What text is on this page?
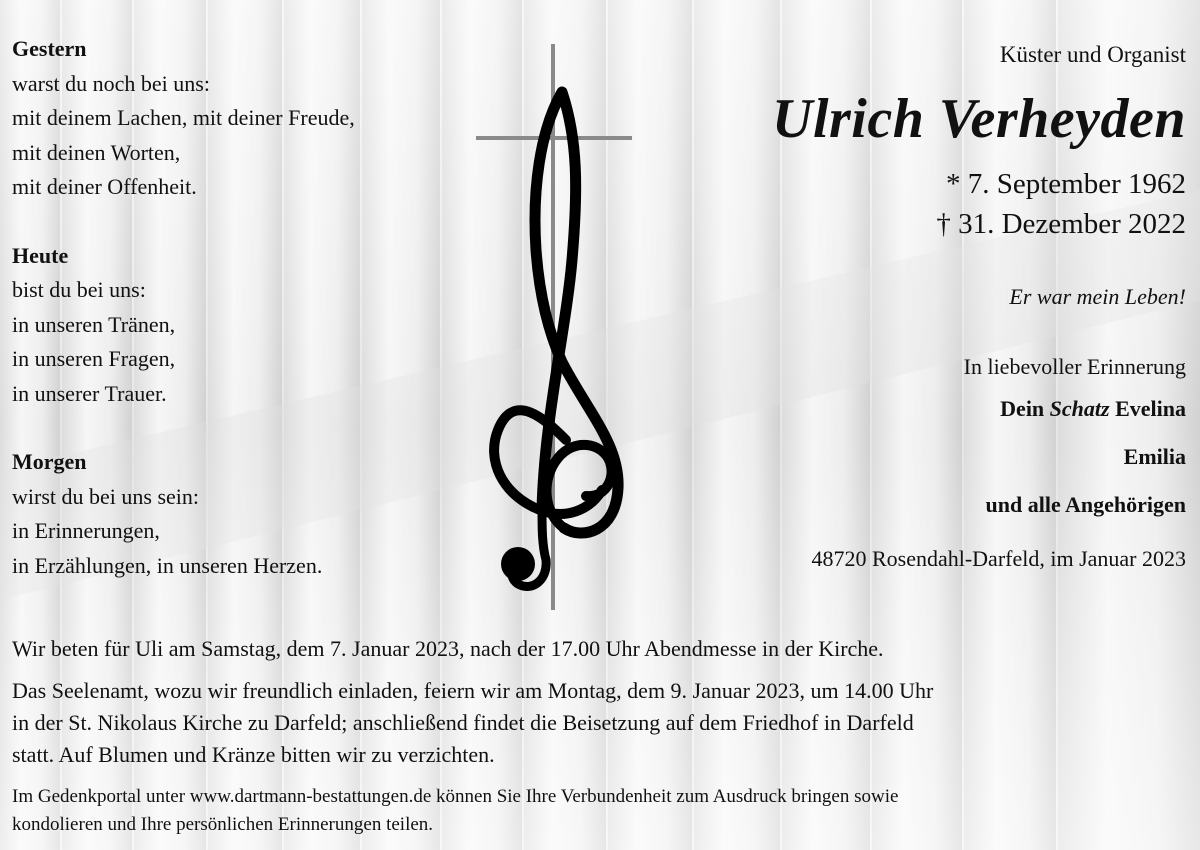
Gestern
warst du noch bei uns:
mit deinem Lachen, mit deiner Freude,
mit deinen Worten,
mit deiner Offenheit.
Heute
bist du bei uns:
in unseren Tränen,
in unseren Fragen,
in unserer Trauer.
Morgen
wirst du bei uns sein:
in Erinnerungen,
in Erzählungen, in unseren Herzen.
Küster und Organist
Ulrich Verheyden
* 7. September 1962
† 31. Dezember 2022
Er war mein Leben!
In liebevoller Erinnerung
Dein Schatz Evelina
Emilia
und alle Angehörigen
48720 Rosendahl-Darfeld, im Januar 2023

Wir beten für Uli am Samstag, dem 7. Januar 2023, nach der 17.00 Uhr Abendmesse in der Kirche.

Das Seelenamt, wozu wir freundlich einladen, feiern wir am Montag, dem 9. Januar 2023, um 14.00 Uhr
in der St. Nikolaus Kirche zu Darfeld; anschließend findet die Beisetzung auf dem Friedhof in Darfeld
statt. Auf Blumen und Kränze bitten wir zu verzichten.

Im Gedenkportal unter www.dartmann-bestattungen.de können Sie Ihre Verbundenheit zum Ausdruck bringen sowie
kondolieren und Ihre persönlichen Erinnerungen teilen.
